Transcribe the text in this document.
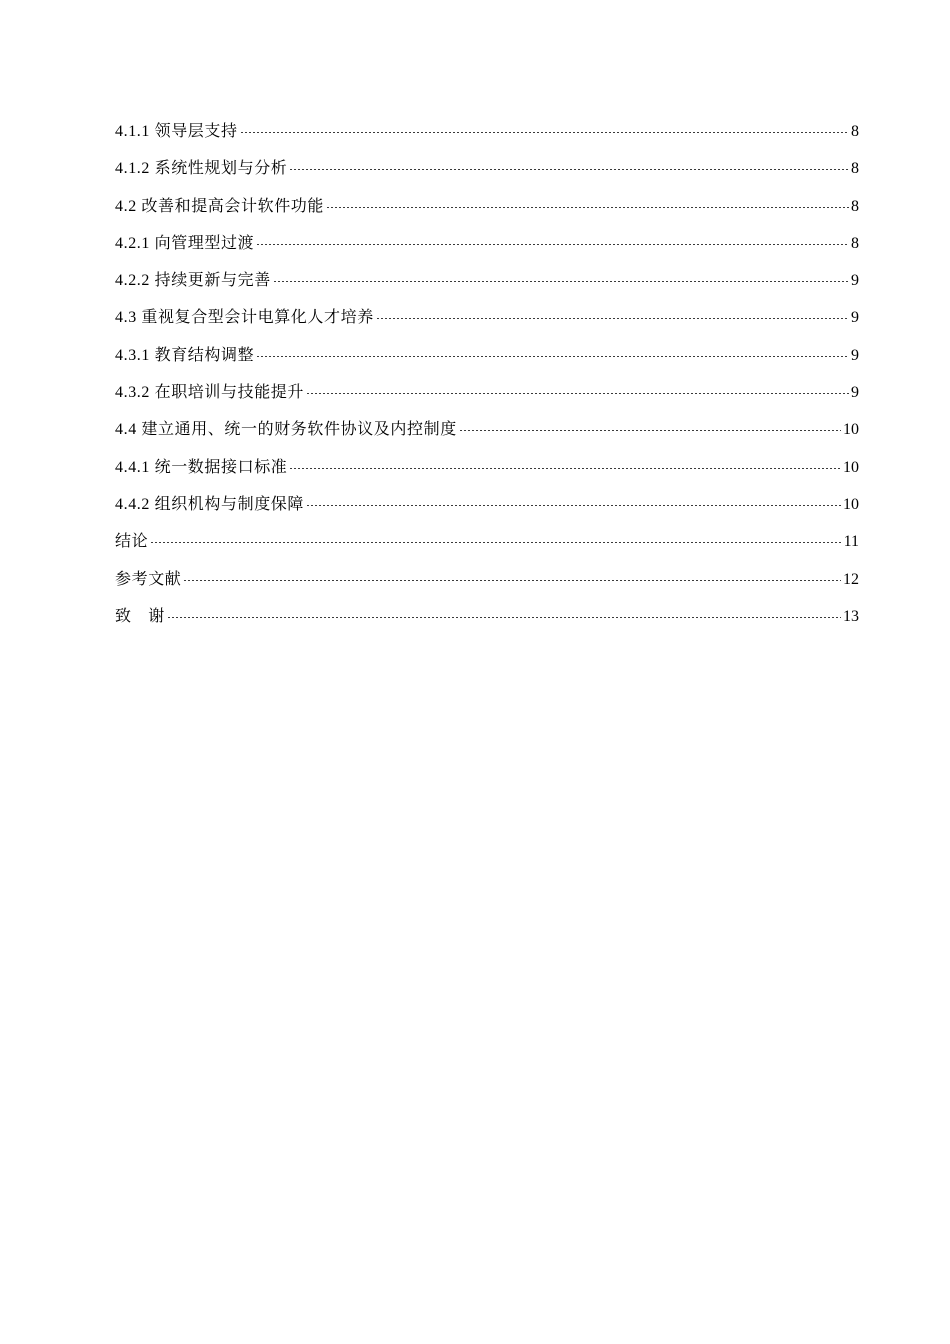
4.1.1 领导层支持	8
4.1.2 系统性规划与分析	8
4.2 改善和提高会计软件功能	8
4.2.1 向管理型过渡	8
4.2.2 持续更新与完善	9
4.3 重视复合型会计电算化人才培养	9
4.3.1 教育结构调整	9
4.3.2 在职培训与技能提升	9
4.4 建立通用、统一的财务软件协议及内控制度	10
4.4.1 统一数据接口标准	10
4.4.2 组织机构与制度保障	10
结论	11
参考文献	12
致　谢	13
